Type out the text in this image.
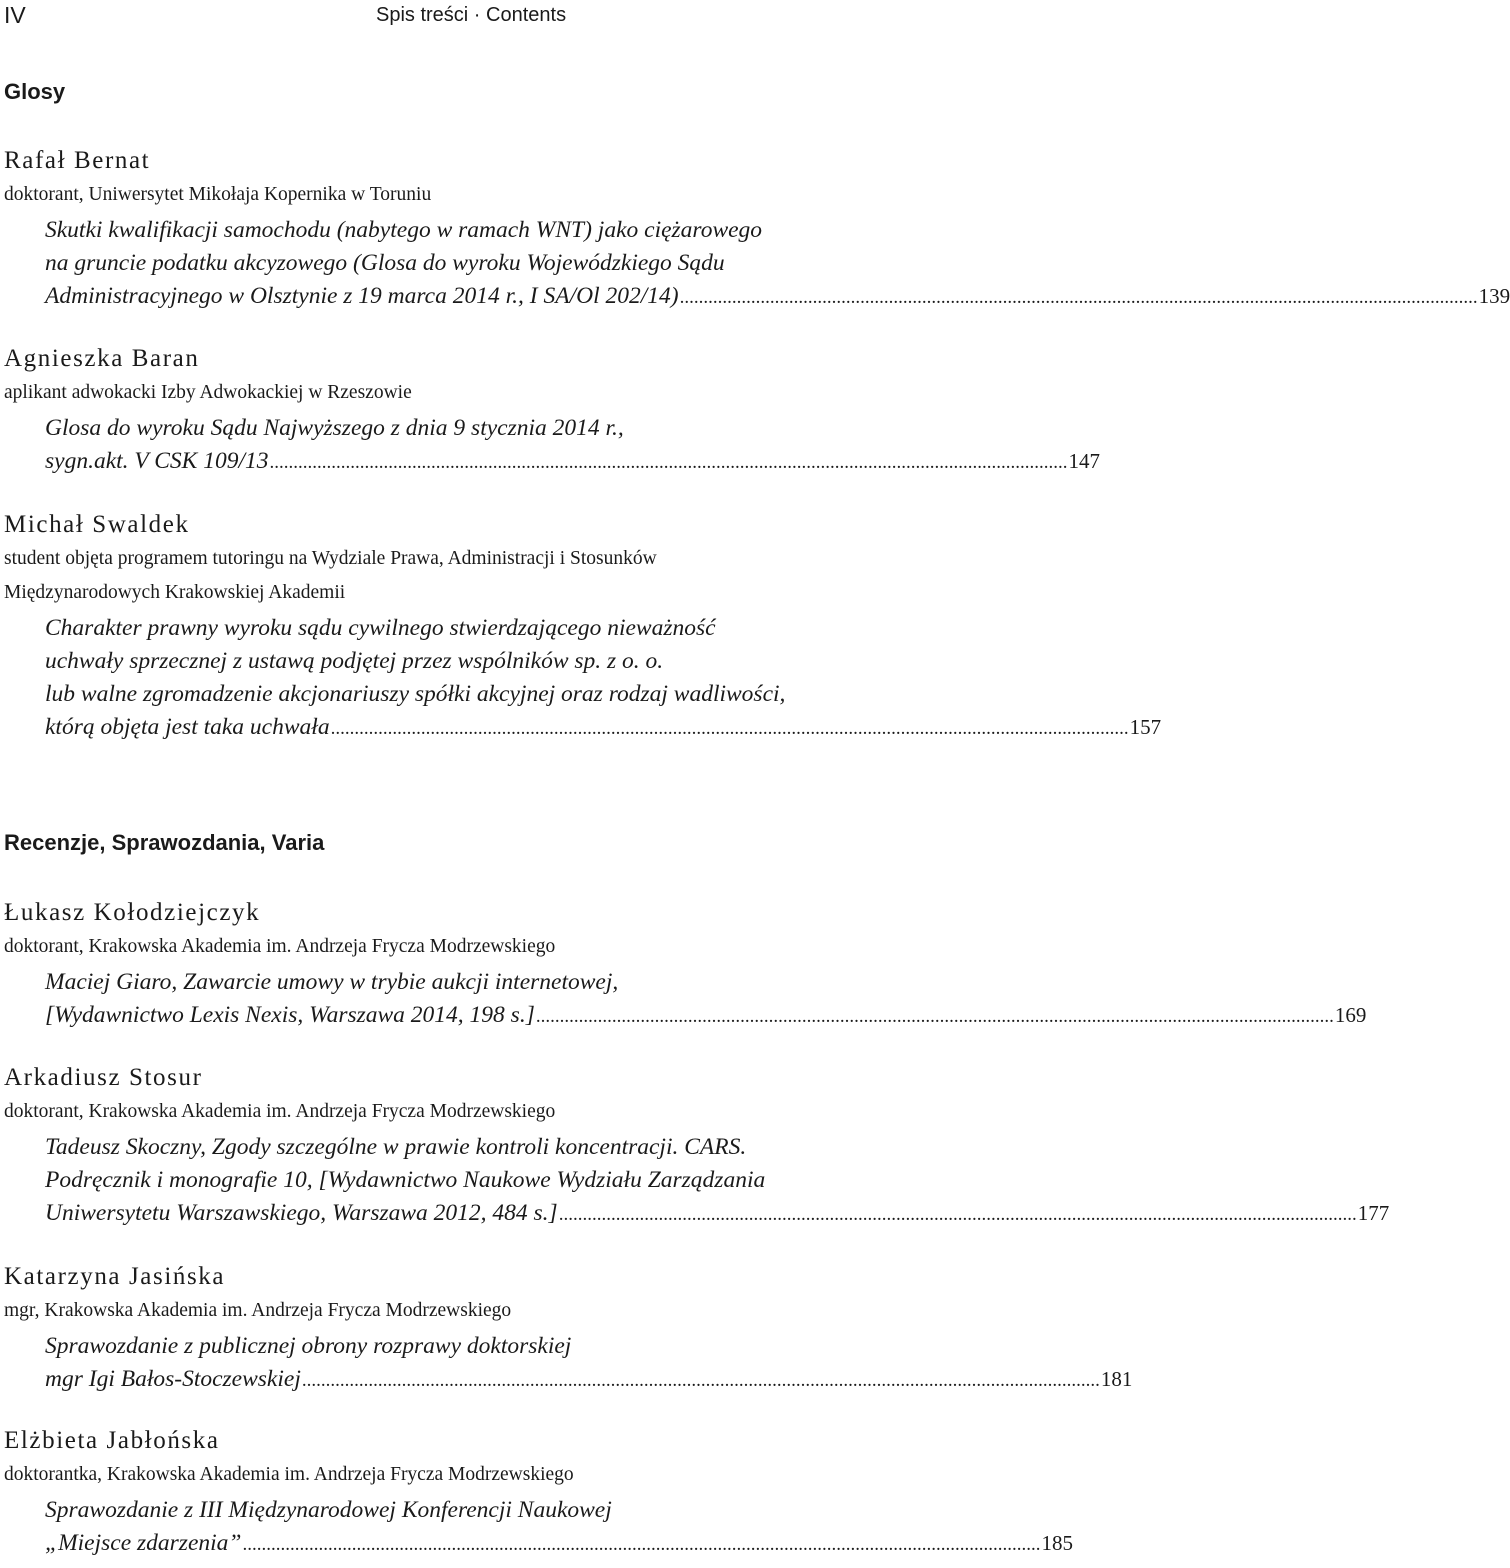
IV	Spis treści · Contents
Glosy
Rafał Bernat
doktorant, Uniwersytet Mikołaja Kopernika w Toruniu
Skutki kwalifikacji samochodu (nabytego w ramach WNT) jako ciężarowego
na gruncie podatku akcyzowego (Glosa do wyroku Wojewódzkiego Sądu
Administracyjnego w Olsztynie z 19 marca 2014 r., I SA/Ol 202/14) ........................................................................................................................................................................ 139
Agnieszka Baran
aplikant adwokacki Izby Adwokackiej w Rzeszowie
Glosa do wyroku Sądu Najwyższego z dnia 9 stycznia 2014 r.,
sygn.akt. V CSK 109/13 ........................................................................................................................................................................ 147
Michał Swaldek
student objęta programem tutoringu na Wydziale Prawa, Administracji i Stosunków
Międzynarodowych Krakowskiej Akademii
Charakter prawny wyroku sądu cywilnego stwierdzającego nieważność
uchwały sprzecznej z ustawą podjętej przez wspólników sp. z o. o.
lub walne zgromadzenie akcjonariuszy spółki akcyjnej oraz rodzaj wadliwości,
którą objęta jest taka uchwała ........................................................................................................................................................................ 157
Recenzje, Sprawozdania, Varia
Łukasz Kołodziejczyk
doktorant, Krakowska Akademia im. Andrzeja Frycza Modrzewskiego
Maciej Giaro, Zawarcie umowy w trybie aukcji internetowej,
[Wydawnictwo Lexis Nexis, Warszawa 2014, 198 s.] ........................................................................................................................................................................ 169
Arkadiusz Stosur
doktorant, Krakowska Akademia im. Andrzeja Frycza Modrzewskiego
Tadeusz Skoczny, Zgody szczególne w prawie kontroli koncentracji. CARS.
Podręcznik i monografie 10, [Wydawnictwo Naukowe Wydziału Zarządzania
Uniwersytetu Warszawskiego, Warszawa 2012, 484 s.] ........................................................................................................................................................................ 177
Katarzyna Jasińska
mgr, Krakowska Akademia im. Andrzeja Frycza Modrzewskiego
Sprawozdanie z publicznej obrony rozprawy doktorskiej
mgr Igi Bałos-Stoczewskiej ........................................................................................................................................................................ 181
Elżbieta Jabłońska
doktorantka, Krakowska Akademia im. Andrzeja Frycza Modrzewskiego
Sprawozdanie z III Międzynarodowej Konferencji Naukowej
„Miejsce zdarzenia” ........................................................................................................................................................................ 185
